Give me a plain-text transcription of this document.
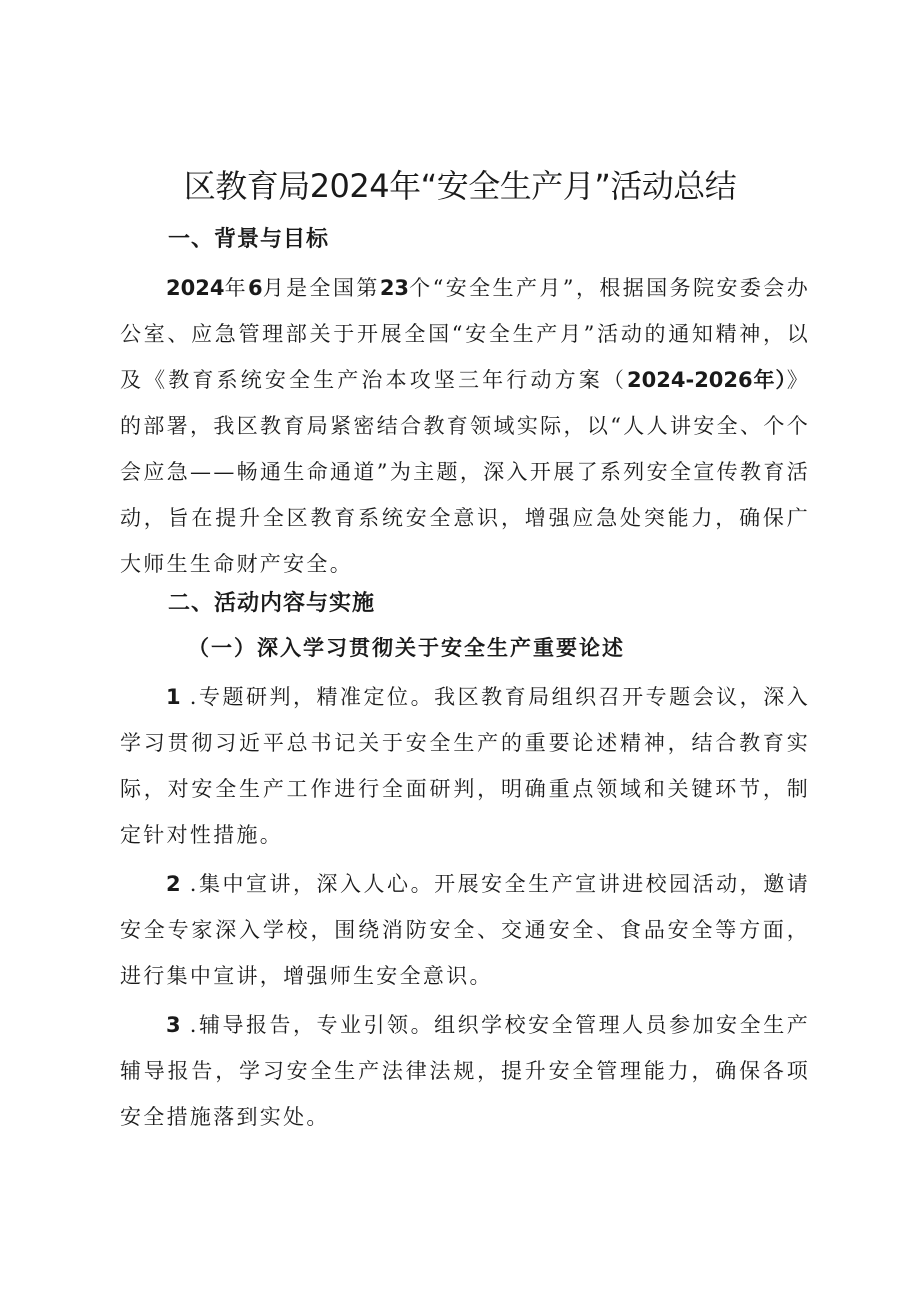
区教育局2024年“安全生产月”活动总结
一、背景与目标

2024年6月是全国第23个“安全生产月”，根据国务院安委会办公室、应急管理部关于开展全国“安全生产月”活动的通知精神，以及《教育系统安全生产治本攻坚三年行动方案（2024-2026年）》的部署，我区教育局紧密结合教育领域实际，以“人人讲安全、个个会应急——畅通生命通道”为主题，深入开展了系列安全宣传教育活动，旨在提升全区教育系统安全意识，增强应急处突能力，确保广大师生生命财产安全。

二、活动内容与实施
（一）深入学习贯彻关于安全生产重要论述

1 .专题研判，精准定位。我区教育局组织召开专题会议，深入学习贯彻习近平总书记关于安全生产的重要论述精神，结合教育实际，对安全生产工作进行全面研判，明确重点领域和关键环节，制定针对性措施。

2 .集中宣讲，深入人心。开展安全生产宣讲进校园活动，邀请安全专家深入学校，围绕消防安全、交通安全、食品安全等方面，进行集中宣讲，增强师生安全意识。

3 .辅导报告，专业引领。组织学校安全管理人员参加安全生产辅导报告，学习安全生产法律法规，提升安全管理能力，确保各项安全措施落到实处。
